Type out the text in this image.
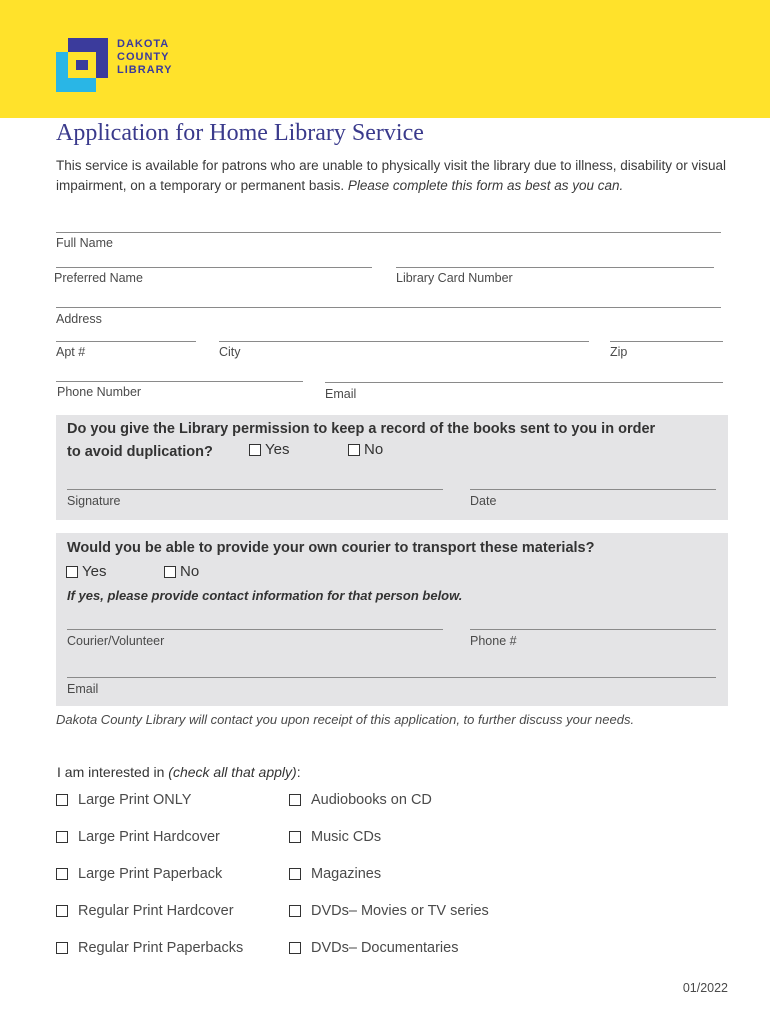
DAKOTA
COUNTY
LIBRARY
Application for Home Library Service
This service is available for patrons who are unable to physically visit the library due to illness, disability or visual impairment, on a temporary or permanent basis. Please complete this form as best as you can.
Full Name
Preferred Name	Library Card Number
Address
Apt #	City	Zip
Phone Number	Email
Do you give the Library permission to keep a record of the books sent to you in order
to avoid duplication?	Yes	No
Signature	Date
Would you be able to provide your own courier to transport these materials?
Yes	No
If yes, please provide contact information for that person below.
Courier/Volunteer	Phone #
Email
Dakota County Library will contact you upon receipt of this application, to further discuss your needs.
I am interested in (check all that apply):
Large Print ONLY
Large Print Hardcover
Large Print Paperback
Regular Print Hardcover
Regular Print Paperbacks
Audiobooks on CD
Music CDs
Magazines
DVDs– Movies or TV series
DVDs– Documentaries
01/2022
